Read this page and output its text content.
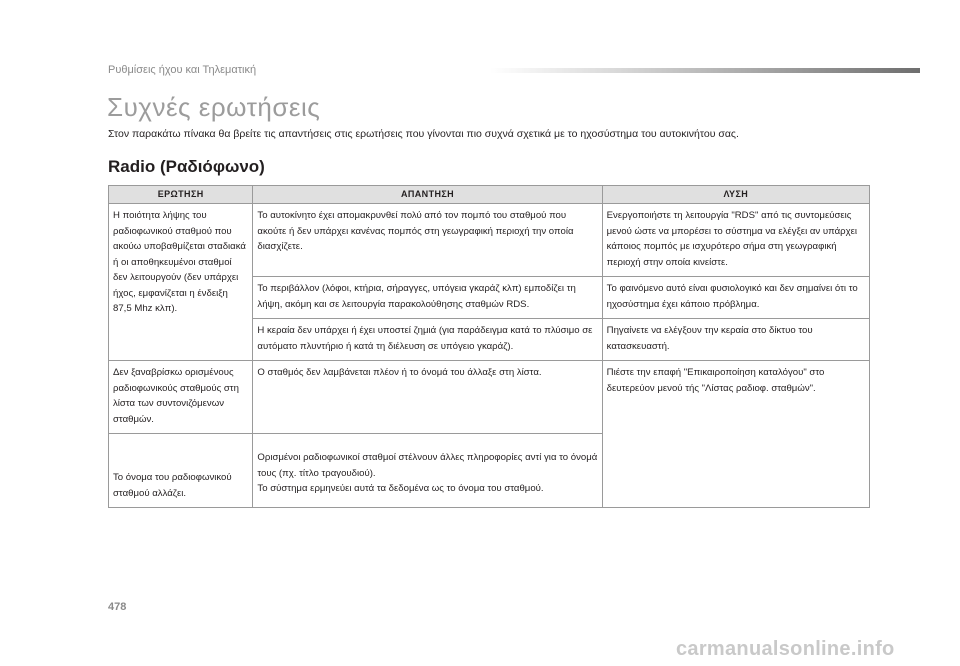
Ρυθμίσεις ήχου και Τηλεματική
Συχνές ερωτήσεις
Στον παρακάτω πίνακα θα βρείτε τις απαντήσεις στις ερωτήσεις που γίνονται πιο συχνά σχετικά με το ηχοσύστημα του αυτοκινήτου σας.
Radio (Ραδιόφωνο)
ΕΡΩΤΗΣΗ	ΑΠΑΝΤΗΣΗ	ΛΥΣΗ
Η ποιότητα λήψης του ραδιοφωνικού σταθμού που ακούω υποβαθμίζεται σταδιακά ή οι αποθηκευμένοι σταθμοί δεν λειτουργούν (δεν υπάρχει ήχος, εμφανίζεται η ένδειξη 87,5 Mhz κλπ).	Το αυτοκίνητο έχει απομακρυνθεί πολύ από τον πομπό του σταθμού που ακούτε ή δεν υπάρχει κανένας πομπός στη γεωγραφική περιοχή την οποία διασχίζετε.	Ενεργοποιήστε τη λειτουργία "RDS" από τις συντομεύσεις μενού ώστε να μπορέσει το σύστημα να ελέγξει αν υπάρχει κάποιος πομπός με ισχυρότερο σήμα στη γεωγραφική περιοχή στην οποία κινείστε.
	Το περιβάλλον (λόφοι, κτήρια, σήραγγες, υπόγεια γκαράζ κλπ) εμποδίζει τη λήψη, ακόμη και σε λειτουργία παρακολούθησης σταθμών RDS.	Το φαινόμενο αυτό είναι φυσιολογικό και δεν σημαίνει ότι το ηχοσύστημα έχει κάποιο πρόβλημα.
	Η κεραία δεν υπάρχει ή έχει υποστεί ζημιά (για παράδειγμα κατά το πλύσιμο σε αυτόματο πλυντήριο ή κατά τη διέλευση σε υπόγειο γκαράζ).	Πηγαίνετε να ελέγξουν την κεραία στο δίκτυο του κατασκευαστή.
Δεν ξαναβρίσκω ορισμένους ραδιοφωνικούς σταθμούς στη λίστα των συντονιζόμενων σταθμών.	Ο σταθμός δεν λαμβάνεται πλέον ή το όνομά του άλλαξε στη λίστα.	Πιέστε την επαφή "Επικαιροποίηση καταλόγου" στο δευτερεύον μενού τής "Λίστας ραδιοφ. σταθμών".
Το όνομα του ραδιοφωνικού σταθμού αλλάζει.	Ορισμένοι ραδιοφωνικοί σταθμοί στέλνουν άλλες πληροφορίες αντί για το όνομά τους (πχ. τίτλο τραγουδιού).
Το σύστημα ερμηνεύει αυτά τα δεδομένα ως το όνομα του σταθμού.	
478
carmanualsonline.info
